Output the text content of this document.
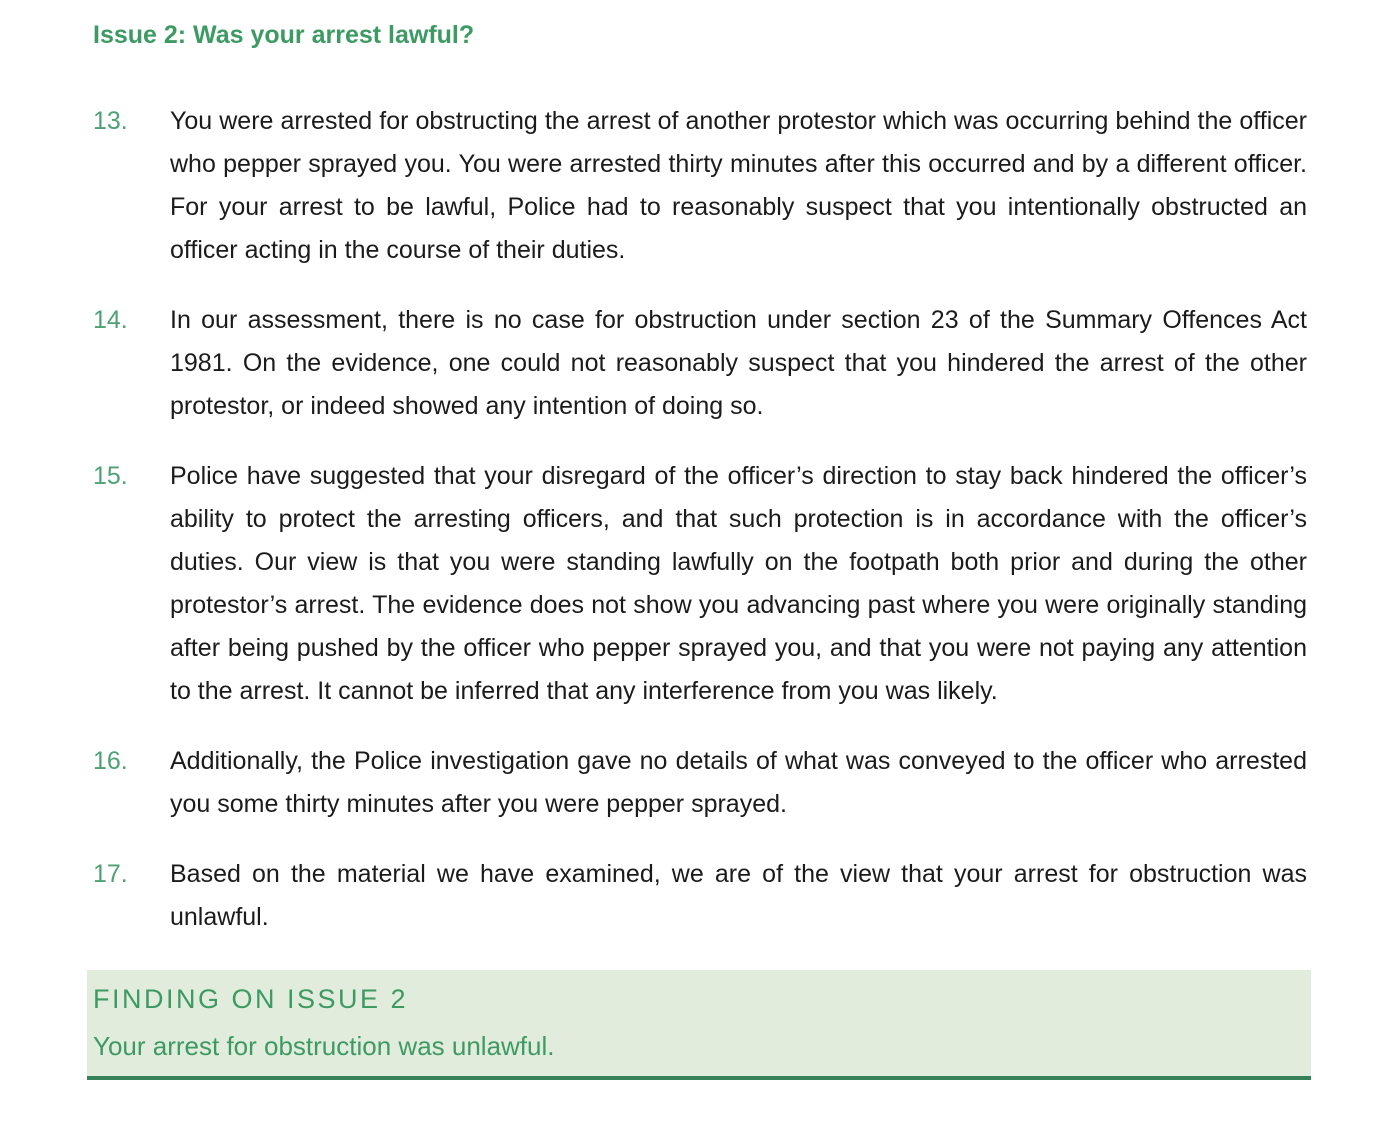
Issue 2: Was your arrest lawful?
13.	You were arrested for obstructing the arrest of another protestor which was occurring behind the officer who pepper sprayed you. You were arrested thirty minutes after this occurred and by a different officer. For your arrest to be lawful, Police had to reasonably suspect that you intentionally obstructed an officer acting in the course of their duties.

14.	In our assessment, there is no case for obstruction under section 23 of the Summary Offences Act 1981. On the evidence, one could not reasonably suspect that you hindered the arrest of the other protestor, or indeed showed any intention of doing so.

15.	Police have suggested that your disregard of the officer’s direction to stay back hindered the officer’s ability to protect the arresting officers, and that such protection is in accordance with the officer’s duties. Our view is that you were standing lawfully on the footpath both prior and during the other protestor’s arrest. The evidence does not show you advancing past where you were originally standing after being pushed by the officer who pepper sprayed you, and that you were not paying any attention to the arrest. It cannot be inferred that any interference from you was likely.

16.	Additionally, the Police investigation gave no details of what was conveyed to the officer who arrested you some thirty minutes after you were pepper sprayed.

17.	Based on the material we have examined, we are of the view that your arrest for obstruction was unlawful.

FINDING ON ISSUE 2

Your arrest for obstruction was unlawful.
